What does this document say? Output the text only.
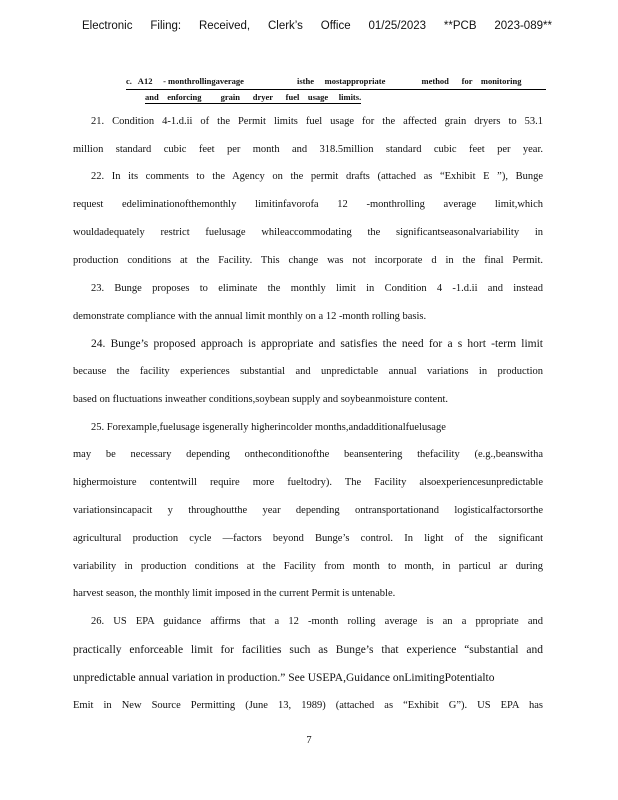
Electronic Filing: Received, Clerk’s Office 01/25/2023 **PCB 2023-089**
c.   A12     - monthrollingaverage                         isthe     mostappropriate                 method      for    monitoring
and    enforcing         grain      dryer      fuel    usage     limits.
21. Condition 4-1.d.ii of the Permit limits fuel usage for the affected grain dryers to 53.1
million standard cubic feet per month and 318.5million standard cubic feet per year.
22. In its comments to the Agency on the permit drafts (attached as “Exhibit E ”), Bunge
request edeliminationofthemonthly limitinfavorofa 12 -monthrolling average limit,which
wouldadequately restrict fuelusage whileaccommodating the significantseasonalvariability in
production conditions at the Facility. This change was not incorporate d in the final Permit.
23. Bunge proposes to eliminate the monthly limit in Condition 4 -1.d.ii and instead
demonstrate compliance with the annual limit monthly on a 12 -month rolling basis.
24. Bunge’s proposed approach is appropriate and satisfies the need for a s hort -term limit
because the facility experiences substantial and unpredictable annual variations in production
based on fluctuations inweather conditions,soybean supply and soybeanmoisture content.
25. Forexample,fuelusage isgenerally higherincolder months,andadditionalfuelusage
may be necessary depending ontheconditionofthe beansentering thefacility (e.g.,beanswitha
highermoisture contentwill require more fueltodry). The Facility alsoexperiencesunpredictable
variationsincapacit y throughoutthe year depending ontransportationand logisticalfactorsorthe
agricultural production cycle —factors beyond Bunge’s control. In light of the significant
variability in production conditions at the Facility from month to month, in particul ar during
harvest season, the monthly limit imposed in the current Permit is untenable.
26. US EPA guidance affirms that a 12 -month rolling average is an a ppropriate and
practically enforceable limit for facilities such as Bunge’s that experience “substantial and
unpredictable annual variation in production.” See USEPA,Guidance onLimitingPotentialto
Emit in New Source Permitting (June 13, 1989) (attached as “Exhibit G”). US EPA has
7
